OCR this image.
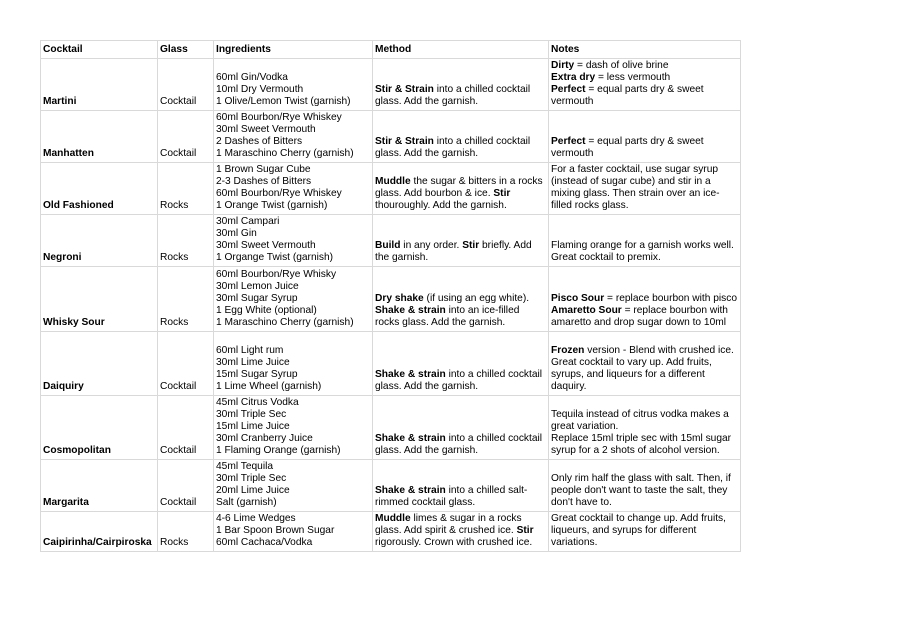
Cocktail	Glass	Ingredients	Method	Notes
Martini	Cocktail	60ml Gin/Vodka
10ml Dry Vermouth
1 Olive/Lemon Twist (garnish)	Stir & Strain into a chilled cocktail glass. Add the garnish.	Dirty = dash of olive brine
Extra dry = less vermouth
Perfect = equal parts dry & sweet vermouth

Manhatten	Cocktail	60ml Bourbon/Rye Whiskey
30ml Sweet Vermouth
2 Dashes of Bitters
1 Maraschino Cherry (garnish)	Stir & Strain into a chilled cocktail glass. Add the garnish.	Perfect = equal parts dry & sweet vermouth

Old Fashioned	Rocks	1 Brown Sugar Cube
2-3 Dashes of Bitters
60ml Bourbon/Rye Whiskey
1 Orange Twist (garnish)	Muddle the sugar & bitters in a rocks glass. Add bourbon & ice. Stir thouroughly. Add the garnish.	For a faster cocktail, use sugar syrup (instead of sugar cube) and stir in a mixing glass. Then strain over an ice-filled rocks glass.

Negroni	Rocks	30ml Campari
30ml Gin
30ml Sweet Vermouth
1 Organge Twist (garnish)	Build in any order. Stir briefly. Add the garnish.	Flaming orange for a garnish works well.
Great cocktail to premix.

Whisky Sour	Rocks	60ml Bourbon/Rye Whisky
30ml Lemon Juice
30ml Sugar Syrup
1 Egg White (optional)
1 Maraschino Cherry (garnish)	Dry shake (if using an egg white). Shake & strain into an ice-filled rocks glass. Add the garnish.	Pisco Sour = replace bourbon with pisco
Amaretto Sour = replace bourbon with amaretto and drop sugar down to 10ml

Daiquiry	Cocktail	60ml Light rum
30ml Lime Juice
15ml Sugar Syrup
1 Lime Wheel (garnish)	Shake & strain into a chilled cocktail glass. Add the garnish.	Frozen version - Blend with crushed ice.
Great cocktail to vary up. Add fruits, syrups, and liqueurs for a different daquiry.

Cosmopolitan	Cocktail	45ml Citrus Vodka
30ml Triple Sec
15ml Lime Juice
30ml Cranberry Juice
1 Flaming Orange (garnish)	Shake & strain into a chilled cocktail glass. Add the garnish.	Tequila instead of citrus vodka makes a great variation.
Replace 15ml triple sec with 15ml sugar syrup for a 2 shots of alcohol version.

Margarita	Cocktail	45ml Tequila
30ml Triple Sec
20ml Lime Juice
Salt (garnish)	Shake & strain into a chilled salt-rimmed cocktail glass.	Only rim half the glass with salt. Then, if people don't want to taste the salt, they don't have to.

Caipirinha/Cairpiroska	Rocks	4-6 Lime Wedges
1 Bar Spoon Brown Sugar
60ml Cachaca/Vodka	Muddle limes & sugar in a rocks glass. Add spirit & crushed ice. Stir rigorously. Crown with crushed ice.	Great cocktail to change up. Add fruits, liqueurs, and syrups for different variations.
